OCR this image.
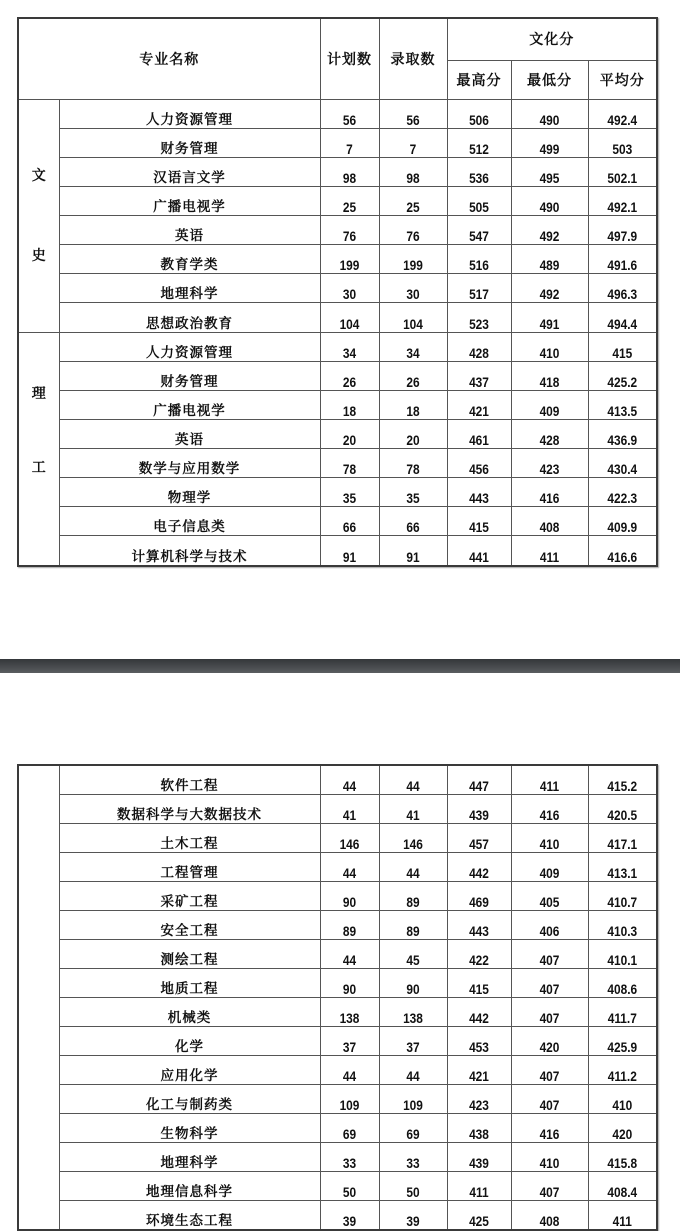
专业名称		计划数	录取数	文化分		
				最高分	最低分	平均分

文
史	人力资源管理	56	56	506	490	492.4
	财务管理	7	7	512	499	503
	汉语言文学	98	98	536	495	502.1
	广播电视学	25	25	505	490	492.1
	英语	76	76	547	492	497.9
	教育学类	199	199	516	489	491.6
	地理科学	30	30	517	492	496.3
	思想政治教育	104	104	523	491	494.4

理
工	人力资源管理	34	34	428	410	415
	财务管理	26	26	437	418	425.2
	广播电视学	18	18	421	409	413.5
	英语	20	20	461	428	436.9
	数学与应用数学	78	78	456	423	430.4
	物理学	35	35	443	416	422.3
	电子信息类	66	66	415	408	409.9
	计算机科学与技术	91	91	441	411	416.6
	软件工程	44	44	447	411	415.2
	数据科学与大数据技术	41	41	439	416	420.5
	土木工程	146	146	457	410	417.1
	工程管理	44	44	442	409	413.1
	采矿工程	90	89	469	405	410.7
	安全工程	89	89	443	406	410.3
	测绘工程	44	45	422	407	410.1
	地质工程	90	90	415	407	408.6
	机械类	138	138	442	407	411.7
	化学	37	37	453	420	425.9
	应用化学	44	44	421	407	411.2
	化工与制药类	109	109	423	407	410
	生物科学	69	69	438	416	420
	地理科学	33	33	439	410	415.8
	地理信息科学	50	50	411	407	408.4
	环境生态工程	39	39	425	408	411
